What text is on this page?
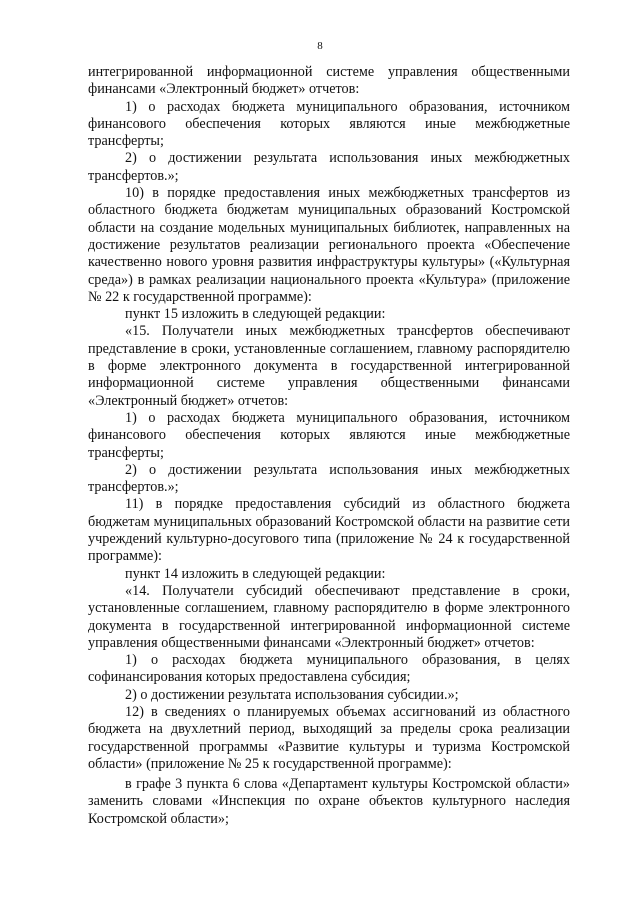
8

интегрированной информационной системе управления общественными финансами «Электронный бюджет» отчетов:

1) о расходах бюджета муниципального образования, источником финансового обеспечения которых являются иные межбюджетные трансферты;

2) о достижении результата использования иных межбюджетных трансфертов.»;

10) в порядке предоставления иных межбюджетных трансфертов из областного бюджета бюджетам муниципальных образований Костромской области на создание модельных муниципальных библиотек, направленных на достижение результатов реализации регионального проекта «Обеспечение качественно нового уровня развития инфраструктуры культуры» («Культурная среда») в рамках реализации национального проекта «Культура» (приложение № 22 к государственной программе):

пункт 15 изложить в следующей редакции:

«15. Получатели иных межбюджетных трансфертов обеспечивают представление в сроки, установленные соглашением, главному распорядителю в форме электронного документа в государственной интегрированной информационной системе управления общественными финансами «Электронный бюджет» отчетов:

1) о расходах бюджета муниципального образования, источником финансового обеспечения которых являются иные межбюджетные трансферты;

2) о достижении результата использования иных межбюджетных трансфертов.»;

11) в порядке предоставления субсидий из областного бюджета бюджетам муниципальных образований Костромской области на развитие сети учреждений культурно-досугового типа (приложение № 24 к государственной программе):

пункт 14 изложить в следующей редакции:

«14. Получатели субсидий обеспечивают представление в сроки, установленные соглашением, главному распорядителю в форме электронного документа в государственной интегрированной информационной системе управления общественными финансами «Электронный бюджет» отчетов:

1) о расходах бюджета муниципального образования, в целях софинансирования которых предоставлена субсидия;

2) о достижении результата использования субсидии.»;

12) в сведениях о планируемых объемах ассигнований из областного бюджета на двухлетний период, выходящий за пределы срока реализации государственной программы «Развитие культуры и туризма Костромской области» (приложение № 25 к государственной программе):

в графе 3 пункта 6 слова «Департамент культуры Костромской области» заменить словами «Инспекция по охране объектов культурного наследия Костромской области»;
